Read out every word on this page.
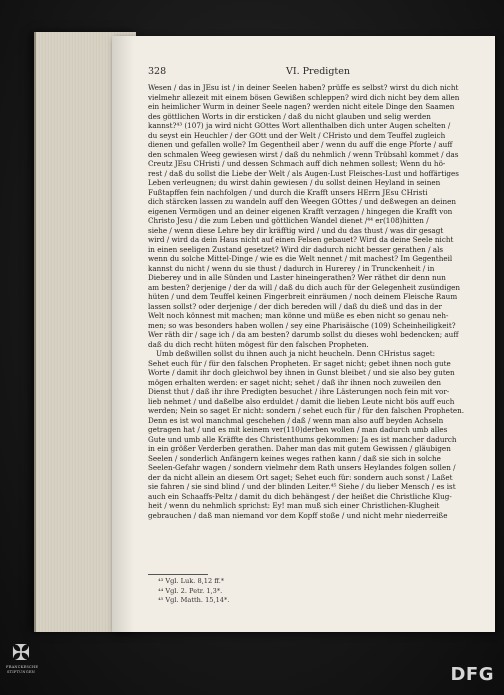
328	VI. Predigten
Wesen / das in JEsu ist / in deiner Seelen haben? prüffe es selbst? wirst du dich nicht
vielmehr allezeit mit einem bösen Gewißen schleppen? wird dich nicht bey dem allen
ein heimlicher Wurm in deiner Seele nagen? werden nicht eitele Dinge den Saamen
des göttlichen Worts in dir ersticken / daß du nicht glauben und selig werden
kannst?⁴³ (107) ja wird nicht GOttes Wort allenthalben dich unter Augen schelten /
du seyst ein Heuchler / der GOtt und der Welt / CHristo und dem Teuffel zugleich
dienen und gefallen wolle? Im Gegentheil aber / wenn du auff die enge Pforte / auff
den schmalen Weeg gewiesen wirst / daß du nehmlich / wenn Trübsahl kommet / das
Creutz JEsu CHristi / und dessen Schmach auff dich nehmen sollest; Wenn du hö-
rest / daß du sollst die Liebe der Welt / als Augen-Lust Fleisches-Lust und hoffärtiges
Leben verleugnen; du wirst dahin gewiesen / du sollst deinen Heyland in seinen
Fußtapffen fein nachfolgen / und durch die Krafft unsers HErrn JEsu CHristi
dich stärcken lassen zu wandeln auff den Weegen GOttes / und deßwegen an deinen
eigenen Vermögen und an deiner eigenen Krafft verzagen / hingegen die Krafft von
Christo Jesu / die zum Leben und göttlichen Wandel dienet /⁴⁴ er(108)hitten /
siehe / wenn diese Lehre bey dir kräfftig wird / und du das thust / was dir gesagt
wird / wird da dein Haus nicht auf einen Felsen gebauet? Wird da deine Seele nicht
in einen seeligen Zustand gesetzet? Wird dir dadurch nicht besser gerathen / als
wenn du solche Mittel-Dinge / wie es die Welt nennet / mit machest? Im Gegentheil
kannst du nicht / wenn du sie thust / dadurch in Hurerey / in Trunckenheit / in
Dieberey und in alle Sünden und Laster hineingerathen? Wer räthet dir denn nun
am besten? derjenige / der da will / daß du dich auch für der Gelegenheit zusündigen
hüten / und dem Teuffel keinen Fingerbreit einräumen / noch deinem Fleische Raum
lassen sollst? oder derjenige / der dich bereden will / daß du dieß und das in der
Welt noch könnest mit machen; man könne und müße es eben nicht so genau neh-
men; so was besonders haben wollen / sey eine Pharisäische (109) Scheinheiligkeit?
Wer räth dir / sage ich / da am besten? darumb sollst du dieses wohl bedencken; auff
daß du dich recht hüten mögest für den falschen Propheten.
Umb deßwillen sollst du ihnen auch ja nicht heucheln. Denn CHristus saget:
Sehet euch für / für den falschen Propheten. Er saget nicht; gebet ihnen noch gute
Worte / damit ihr doch gleichwol bey ihnen in Gunst bleibet / und sie also bey guten
mögen erhalten werden: er saget nicht; sehet / daß ihr ihnen noch zuweilen den
Dienst thut / daß ihr ihre Predigten besuchet / ihre Lästerungen noch fein mit vor-
lieb nehmet / und daßelbe also erduldet / damit die lieben Leute nicht bös auff euch
werden; Nein so saget Er nicht: sondern / sehet euch für / für den falschen Propheten.
Denn es ist wol manchmal geschehen / daß / wenn man also auff beyden Achseln
getragen hat / und es mit keinem ver(110)derben wollen / man dadurch umb alles
Gute und umb alle Kräffte des Christenthums gekommen: Ja es ist mancher dadurch
in ein größer Verderben gerathen. Daher man das mit gutem Gewissen / gläubigen
Seelen / sonderlich Anfängern keines weges rathen kann / daß sie sich in solche
Seelen-Gefahr wagen / sondern vielmehr dem Rath unsers Heylandes folgen sollen /
der da nicht allein an diesem Ort saget; Sehet euch für: sondern auch sonst / Laßet
sie fahren / sie sind blind / und der blinden Leiter.⁴⁵ Siehe / du lieber Mensch / es ist
auch ein Schaaffs-Peltz / damit du dich behängest / der heißet die Christliche Klug-
heit / wenn du nehmlich sprichst: Ey! man muß sich einer Christlichen-Klugheit
gebrauchen / daß man niemand vor dem Kopff stoße / und nicht mehr niederreiße
⁴³ Vgl. Luk. 8,12 ff.*
⁴⁴ Vgl. 2. Petr. 1,3*.
⁴⁵ Vgl. Matth. 15,14*.
✠
FRANCKESCHE STIFTUNGEN	DFG
